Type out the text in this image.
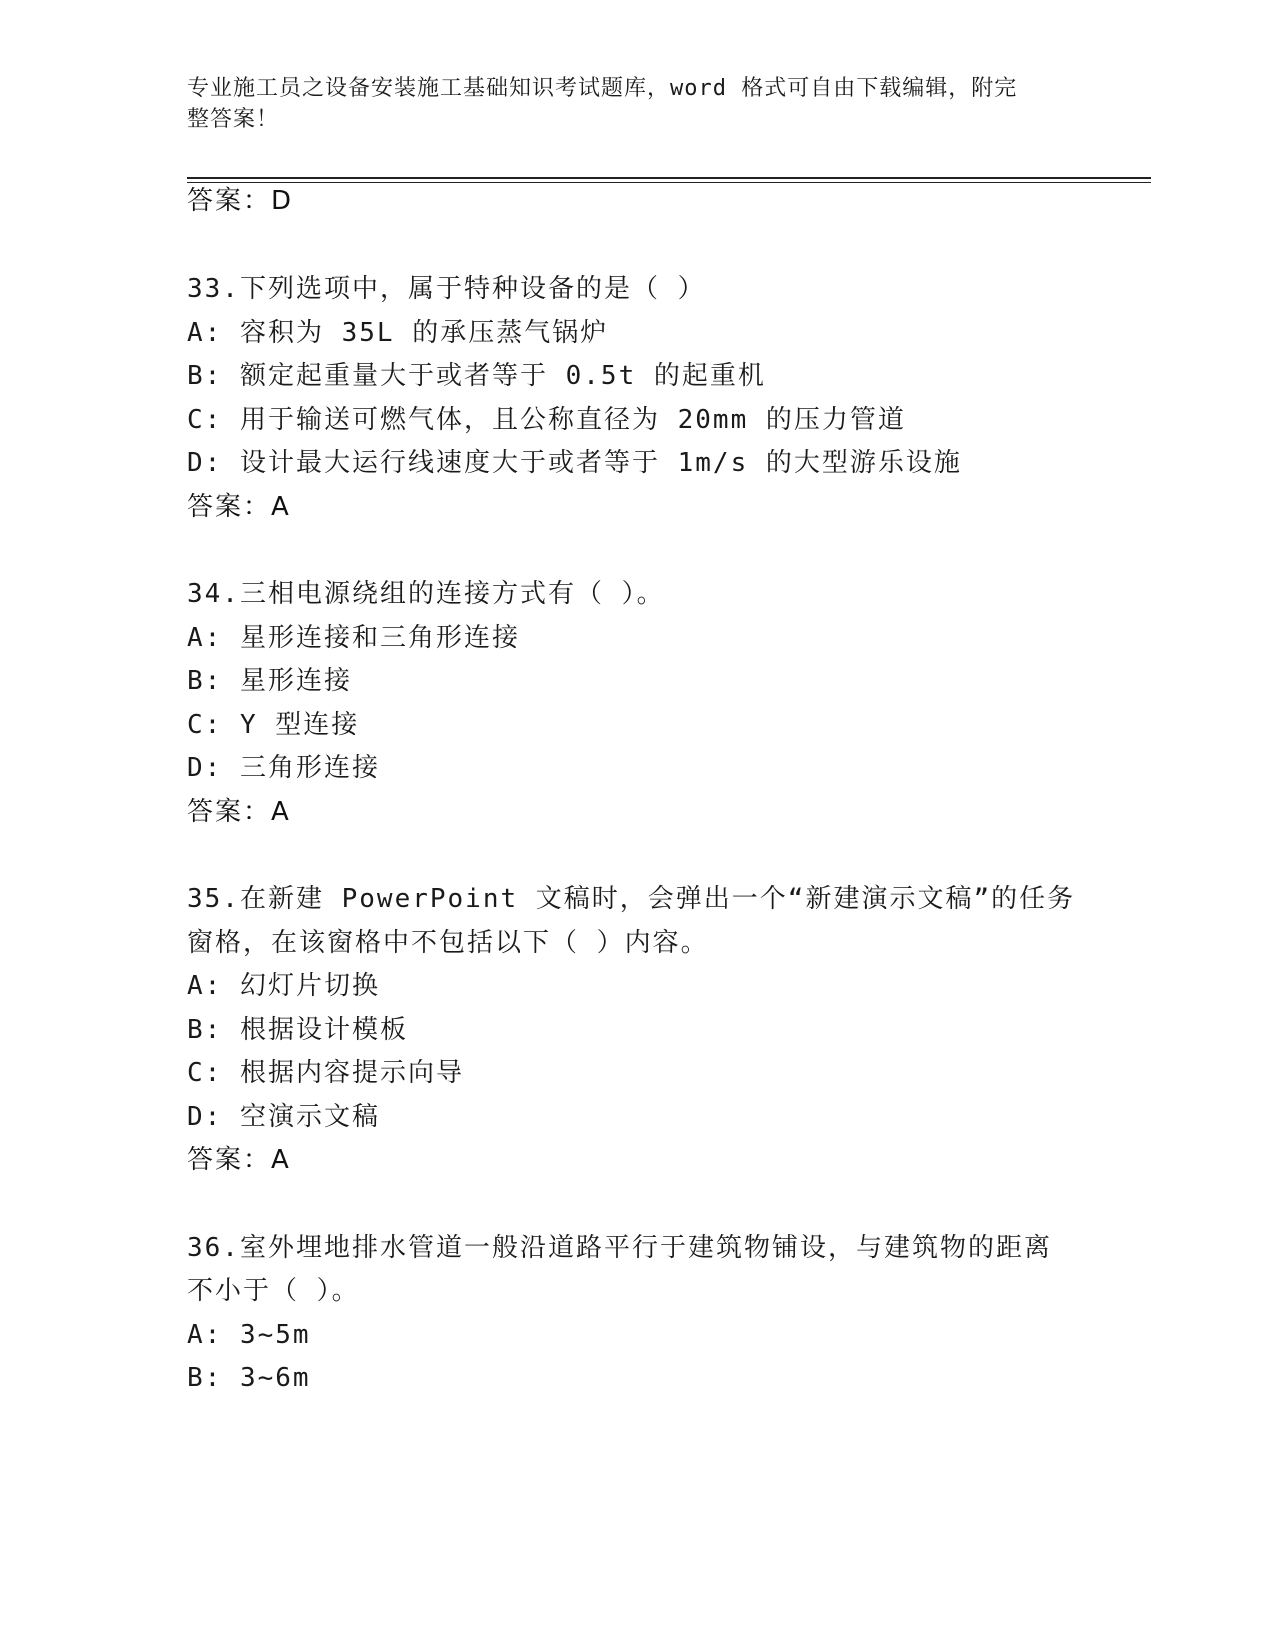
专业施工员之设备安装施工基础知识考试题库，word 格式可自由下载编辑，附完
整答案！

答案：D

33.下列选项中，属于特种设备的是（ ）

A: 容积为 35L 的承压蒸气锅炉

B: 额定起重量大于或者等于 0.5t 的起重机

C: 用于输送可燃气体，且公称直径为 20mm 的压力管道

D: 设计最大运行线速度大于或者等于 1m/s 的大型游乐设施

答案：A

34.三相电源绕组的连接方式有（ ）。

A: 星形连接和三角形连接

B: 星形连接

C: Y 型连接

D: 三角形连接

答案：A

35.在新建 PowerPoint 文稿时，会弹出一个“新建演示文稿”的任务

窗格，在该窗格中不包括以下（ ）内容。

A: 幻灯片切换

B: 根据设计模板

C: 根据内容提示向导

D: 空演示文稿

答案：A

36.室外埋地排水管道一般沿道路平行于建筑物铺设，与建筑物的距离

不小于（ ）。

A: 3~5m

B: 3~6m
